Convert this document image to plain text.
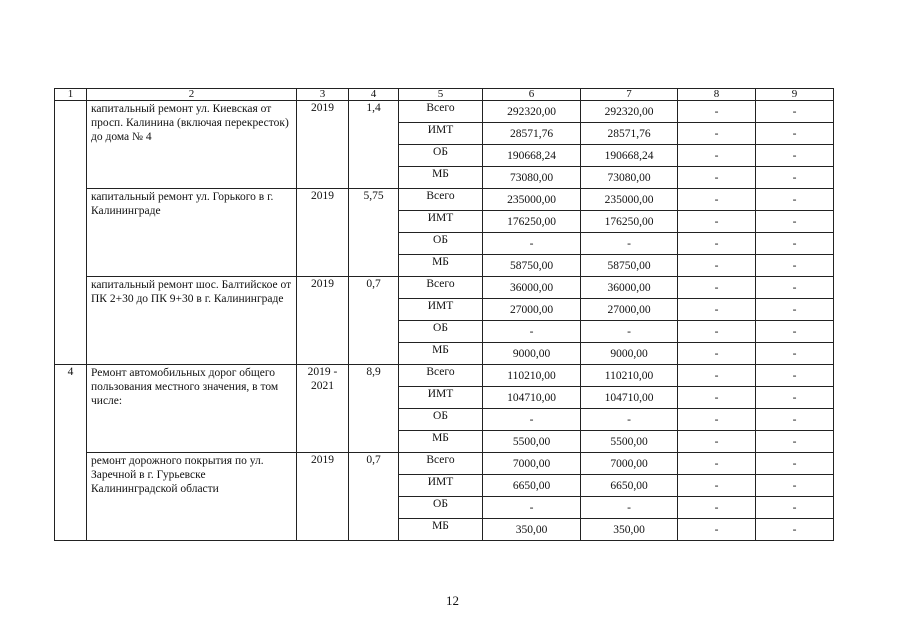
1	2	3	4	5	6	7	8	9
	капитальный ремонт ул. Киевская от просп. Калинина (включая перекресток) до дома № 4	2019	1,4	Всего	292320,00	292320,00	-	-
				ИМТ	28571,76	28571,76	-	-
				ОБ	190668,24	190668,24	-	-
				МБ	73080,00	73080,00	-	-
	капитальный ремонт ул. Горького в г. Калининграде	2019	5,75	Всего	235000,00	235000,00	-	-
				ИМТ	176250,00	176250,00	-	-
				ОБ	-	-	-	-
				МБ	58750,00	58750,00	-	-
	капитальный ремонт шос. Балтийское от ПК 2+30 до ПК 9+30 в г. Калининграде	2019	0,7	Всего	36000,00	36000,00	-	-
				ИМТ	27000,00	27000,00	-	-
				ОБ	-	-	-	-
				МБ	9000,00	9000,00	-	-
4	Ремонт автомобильных дорог общего пользования местного значения, в том числе:	2019 - 2021	8,9	Всего	110210,00	110210,00	-	-
				ИМТ	104710,00	104710,00	-	-
				ОБ	-	-	-	-
				МБ	5500,00	5500,00	-	-
	ремонт дорожного покрытия по ул. Заречной в г. Гурьевске Калининградской области	2019	0,7	Всего	7000,00	7000,00	-	-
				ИМТ	6650,00	6650,00	-	-
				ОБ	-	-	-	-
				МБ	350,00	350,00	-	-
12
